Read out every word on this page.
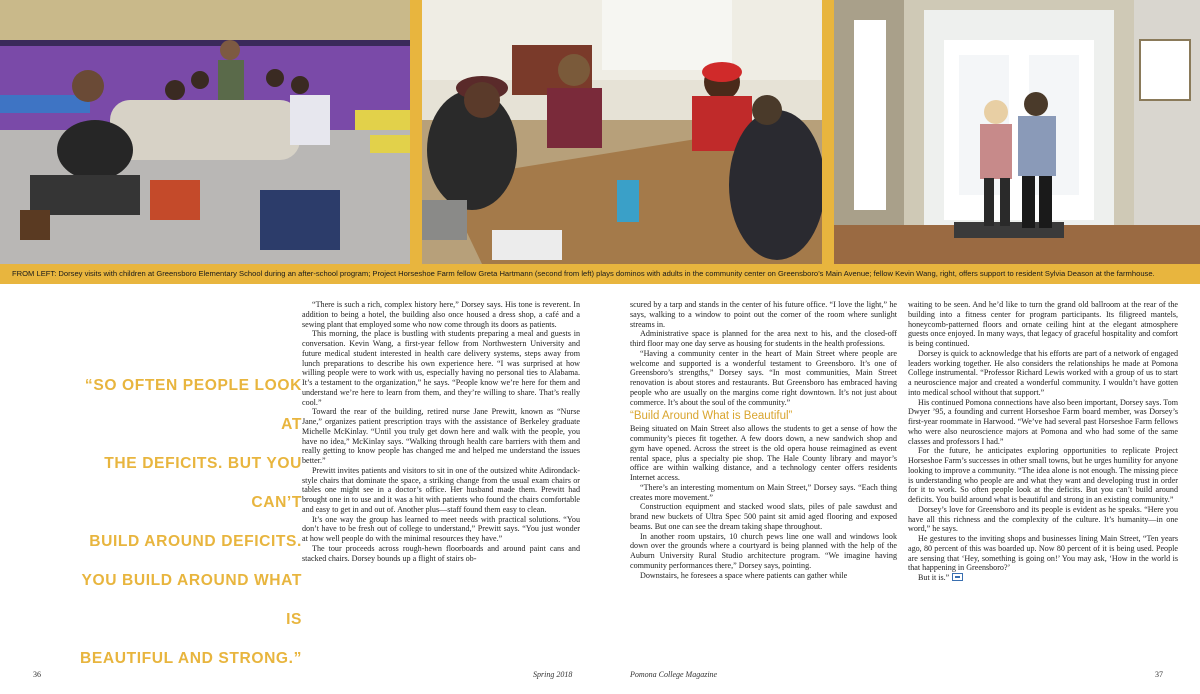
FROM LEFT: Dorsey visits with children at Greensboro Elementary School during an after-school program; Project Horseshoe Farm fellow Greta Hartmann (second from left) plays dominos with adults in the community center on Greensboro’s Main Avenue; fellow Kevin Wang, right, offers support to resident Sylvia Deason at the farmhouse.
“SO OFTEN PEOPLE LOOK AT
THE DEFICITS. BUT YOU CAN’T
BUILD AROUND DEFICITS.
YOU BUILD AROUND WHAT IS
BEAUTIFUL AND STRONG.”

“There is such a rich, complex history here,” Dorsey says. His tone is reverent. In addition to being a hotel, the building also once housed a dress shop, a café and a sewing plant that employed some who now come through its doors as patients.

This morning, the place is bustling with students preparing a meal and guests in conversation. Kevin Wang, a first-year fellow from Northwestern University and future medical student interested in health care delivery systems, steps away from lunch preparations to describe his own experience here. “I was surprised at how willing people were to work with us, especially having no personal ties to Alabama. It’s a testament to the organization,” he says. “People know we’re here for them and understand we’re here to learn from them, and they’re willing to share. That’s really cool.”

Toward the rear of the building, retired nurse Jane Prewitt, known as “Nurse Jane,” organizes patient prescription trays with the assistance of Berkeley graduate Michelle McKinlay. “Until you truly get down here and walk with the people, you have no idea,” McKinlay says. “Walking through health care barriers with them and really getting to know people has changed me and helped me understand the issues better.”

Prewitt invites patients and visitors to sit in one of the outsized white Adirondack-style chairs that dominate the space, a striking change from the usual exam chairs or tables one might see in a doctor’s office. Her husband made them. Prewitt had brought one in to use and it was a hit with patients who found the chairs comfortable and easy to get in and out of. Another plus—staff found them easy to clean.

It’s one way the group has learned to meet needs with practical solutions. “You don’t have to be fresh out of college to understand,” Prewitt says. “You just wonder at how well people do with the minimal resources they have.”

The tour proceeds across rough-hewn floorboards and around paint cans and stacked chairs. Dorsey bounds up a flight of stairs ob-

scured by a tarp and stands in the center of his future office. “I love the light,” he says, walking to a window to point out the corner of the room where sunlight streams in.

Administrative space is planned for the area next to his, and the closed-off third floor may one day serve as housing for students in the health professions.

“Having a community center in the heart of Main Street where people are welcome and supported is a wonderful testament to Greensboro. It’s one of Greensboro’s strengths,” Dorsey says. “In most communities, Main Street renovation is about stores and restaurants. But Greensboro has embraced having people who are usually on the margins come right downtown. It’s not just about commerce. It’s about the soul of the community.”

“Build Around What is Beautiful”

Being situated on Main Street also allows the students to get a sense of how the community’s pieces fit together. A few doors down, a new sandwich shop and gym have opened. Across the street is the old opera house reimagined as event rental space, plus a specialty pie shop. The Hale County library and mayor’s office are within walking distance, and a technology center offers residents Internet access.

“There’s an interesting momentum on Main Street,” Dorsey says. “Each thing creates more movement.”

Construction equipment and stacked wood slats, piles of pale sawdust and brand new buckets of Ultra Spec 500 paint sit amid aged flooring and exposed beams. But one can see the dream taking shape throughout.

In another room upstairs, 10 church pews line one wall and windows look down over the grounds where a courtyard is being planned with the help of the Auburn University Rural Studio architecture program. “We imagine having community performances there,” Dorsey says, pointing.

Downstairs, he foresees a space where patients can gather while

waiting to be seen. And he’d like to turn the grand old ballroom at the rear of the building into a fitness center for program participants. Its filigreed mantels, honeycomb-patterned floors and ornate ceiling hint at the elegant atmosphere guests once enjoyed. In many ways, that legacy of graceful hospitality and comfort is being continued.

Dorsey is quick to acknowledge that his efforts are part of a network of engaged leaders working together. He also considers the relationships he made at Pomona College instrumental. “Professor Richard Lewis worked with a group of us to start a neuroscience major and created a wonderful community. I wouldn’t have gotten into medical school without that support.”

His continued Pomona connections have also been important, Dorsey says. Tom Dwyer ’95, a founding and current Horseshoe Farm board member, was Dorsey’s first-year roommate in Harwood. “We’ve had several past Horseshoe Farm fellows who were also neuroscience majors at Pomona and who had some of the same classes and professors I had.”

For the future, he anticipates exploring opportunities to replicate Project Horseshoe Farm’s successes in other small towns, but he urges humility for anyone looking to improve a community. “The idea alone is not enough. The missing piece is understanding who people are and what they want and developing trust in order for it to work. So often people look at the deficits. But you can’t build around deficits. You build around what is beautiful and strong in an existing community.”

Dorsey’s love for Greensboro and its people is evident as he speaks. “Here you have all this richness and the complexity of the culture. It’s humanity—in one word,” he says.

He gestures to the inviting shops and businesses lining Main Street, “Ten years ago, 80 percent of this was boarded up. Now 80 percent of it is being used. People are sensing that ‘Hey, something is going on!’ You may ask, ‘How in the world is that happening in Greensboro?’

But it is.”

36	Spring 2018	Pomona College Magazine	37
